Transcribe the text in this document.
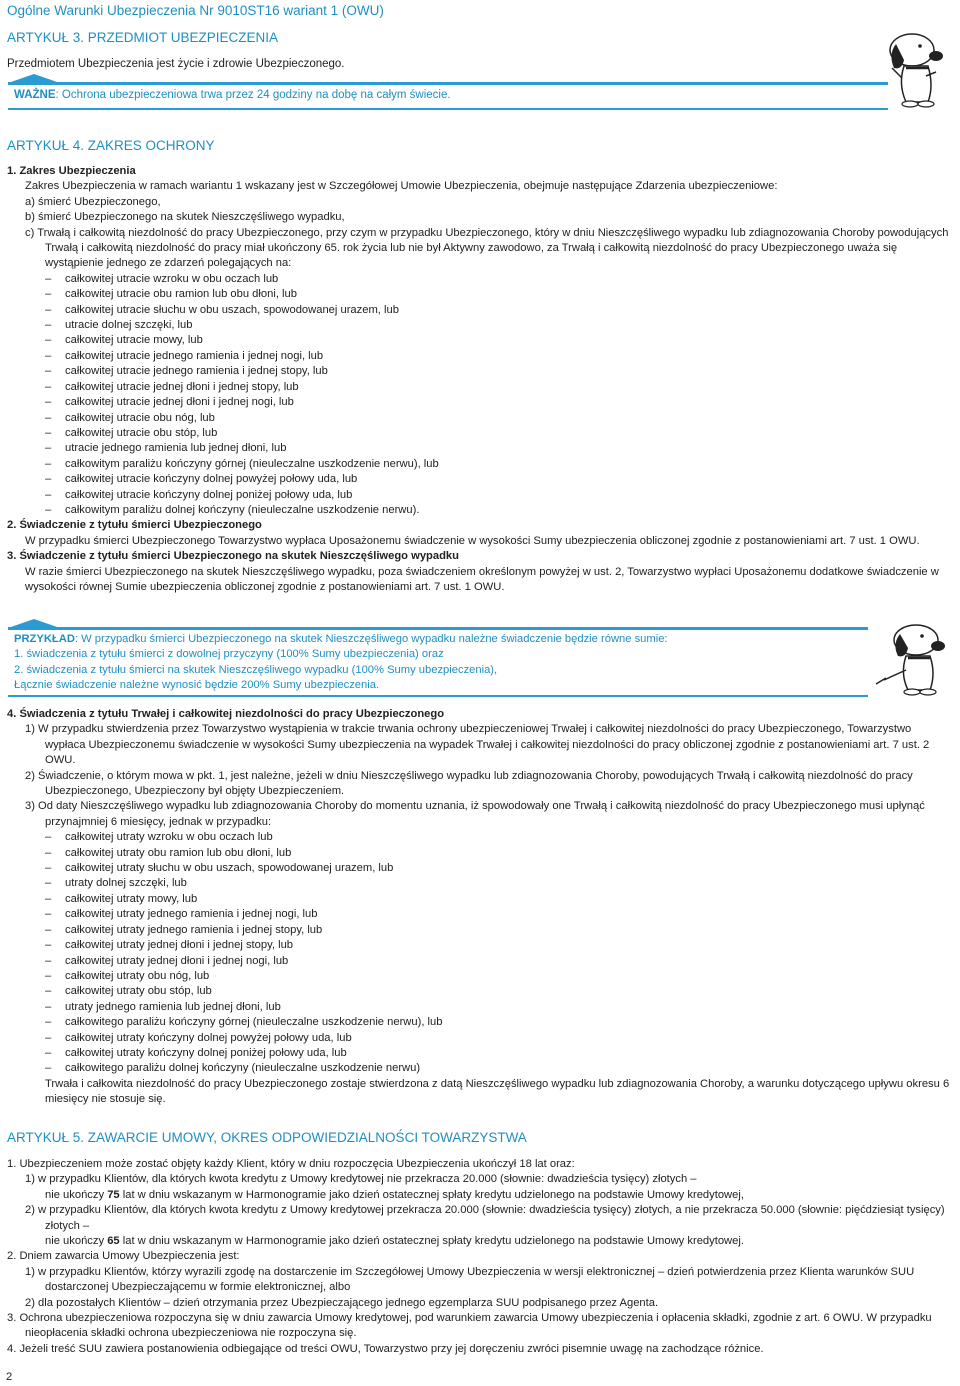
Ogólne Warunki Ubezpieczenia Nr 9010ST16 wariant 1 (OWU)
ARTYKUŁ 3. PRZEDMIOT UBEZPIECZENIA
Przedmiotem Ubezpieczenia jest życie i zdrowie Ubezpieczonego.
WAŻNE: Ochrona ubezpieczeniowa trwa przez 24 godziny na dobę na całym świecie.
ARTYKUŁ 4. ZAKRES OCHRONY

1. Zakres Ubezpieczenia

Zakres Ubezpieczenia w ramach wariantu 1 wskazany jest w Szczegółowej Umowie Ubezpieczenia, obejmuje następujące Zdarzenia ubezpieczeniowe:

a) śmierć Ubezpieczonego,

b) śmierć Ubezpieczonego na skutek Nieszczęśliwego wypadku,

c) Trwałą i całkowitą niezdolność do pracy Ubezpieczonego, przy czym w przypadku Ubezpieczonego, który w dniu Nieszczęśliwego wypadku lub zdiagnozowania Choroby powodujących Trwałą i całkowitą niezdolność do pracy miał ukończony 65. rok życia lub nie był Aktywny zawodowo, za Trwałą i całkowitą niezdolność do pracy Ubezpieczonego uważa się wystąpienie jednego ze zdarzeń polegających na:

– całkowitej utracie wzroku w obu oczach lub

– całkowitej utracie obu ramion lub obu dłoni, lub

– całkowitej utracie słuchu w obu uszach, spowodowanej urazem, lub

– utracie dolnej szczęki, lub

– całkowitej utracie mowy, lub

– całkowitej utracie jednego ramienia i jednej nogi, lub

– całkowitej utracie jednego ramienia i jednej stopy, lub

– całkowitej utracie jednej dłoni i jednej stopy, lub

– całkowitej utracie jednej dłoni i jednej nogi, lub

– całkowitej utracie obu nóg, lub

– całkowitej utracie obu stóp, lub

– utracie jednego ramienia lub jednej dłoni, lub

– całkowitym paraliżu kończyny górnej (nieuleczalne uszkodzenie nerwu), lub

– całkowitej utracie kończyny dolnej powyżej połowy uda, lub

– całkowitej utracie kończyny dolnej poniżej połowy uda, lub

– całkowitym paraliżu dolnej kończyny (nieuleczalne uszkodzenie nerwu).

2. Świadczenie z tytułu śmierci Ubezpieczonego

W przypadku śmierci Ubezpieczonego Towarzystwo wypłaca Uposażonemu świadczenie w wysokości Sumy ubezpieczenia obliczonej zgodnie z postanowieniami art. 7 ust. 1 OWU.

3. Świadczenie z tytułu śmierci Ubezpieczonego na skutek Nieszczęśliwego wypadku

W razie śmierci Ubezpieczonego na skutek Nieszczęśliwego wypadku, poza świadczeniem określonym powyżej w ust. 2, Towarzystwo wypłaci Uposażonemu dodatkowe świadczenie w wysokości równej Sumie ubezpieczenia obliczonej zgodnie z postanowieniami art. 7 ust. 1 OWU.

PRZYKŁAD: W przypadku śmierci Ubezpieczonego na skutek Nieszczęśliwego wypadku należne świadczenie będzie równe sumie:

1. świadczenia z tytułu śmierci z dowolnej przyczyny (100% Sumy ubezpieczenia) oraz

2. świadczenia z tytułu śmierci na skutek Nieszczęśliwego wypadku (100% Sumy ubezpieczenia),

Łącznie świadczenie należne wynosić będzie 200% Sumy ubezpieczenia.

4. Świadczenia z tytułu Trwałej i całkowitej niezdolności do pracy Ubezpieczonego

1) W przypadku stwierdzenia przez Towarzystwo wystąpienia w trakcie trwania ochrony ubezpieczeniowej Trwałej i całkowitej niezdolności do pracy Ubezpieczonego, Towarzystwo wypłaca Ubezpieczonemu świadczenie w wysokości Sumy ubezpieczenia na wypadek Trwałej i całkowitej niezdolności do pracy obliczonej zgodnie z postanowieniami art. 7 ust. 2 OWU.

2) Świadczenie, o którym mowa w pkt. 1, jest należne, jeżeli w dniu Nieszczęśliwego wypadku lub zdiagnozowania Choroby, powodujących Trwałą i całkowitą niezdolność do pracy Ubezpieczonego, Ubezpieczony był objęty Ubezpieczeniem.

3) Od daty Nieszczęśliwego wypadku lub zdiagnozowania Choroby do momentu uznania, iż spowodowały one Trwałą i całkowitą niezdolność do pracy Ubezpieczonego musi upłynąć przynajmniej 6 miesięcy, jednak w przypadku:

– całkowitej utraty wzroku w obu oczach lub

– całkowitej utraty obu ramion lub obu dłoni, lub

– całkowitej utraty słuchu w obu uszach, spowodowanej urazem, lub

– utraty dolnej szczęki, lub

– całkowitej utraty mowy, lub

– całkowitej utraty jednego ramienia i jednej nogi, lub

– całkowitej utraty jednego ramienia i jednej stopy, lub

– całkowitej utraty jednej dłoni i jednej stopy, lub

– całkowitej utraty jednej dłoni i jednej nogi, lub

– całkowitej utraty obu nóg, lub

– całkowitej utraty obu stóp, lub

– utraty jednego ramienia lub jednej dłoni, lub

– całkowitego paraliżu kończyny górnej (nieuleczalne uszkodzenie nerwu), lub

– całkowitej utraty kończyny dolnej powyżej połowy uda, lub

– całkowitej utraty kończyny dolnej poniżej połowy uda, lub

– całkowitego paraliżu dolnej kończyny (nieuleczalne uszkodzenie nerwu)

Trwała i całkowita niezdolność do pracy Ubezpieczonego zostaje stwierdzona z datą Nieszczęśliwego wypadku lub zdiagnozowania Choroby, a warunku dotyczącego upływu okresu 6 miesięcy nie stosuje się.

ARTYKUŁ 5. ZAWARCIE UMOWY, OKRES ODPOWIEDZIALNOŚCI TOWARZYSTWA

1. Ubezpieczeniem może zostać objęty każdy Klient, który w dniu rozpoczęcia Ubezpieczenia ukończył 18 lat oraz:

1) w przypadku Klientów, dla których kwota kredytu z Umowy kredytowej nie przekracza 20.000 (słownie: dwadzieścia tysięcy) złotych –

nie ukończy 75 lat w dniu wskazanym w Harmonogramie jako dzień ostatecznej spłaty kredytu udzielonego na podstawie Umowy kredytowej,

2) w przypadku Klientów, dla których kwota kredytu z Umowy kredytowej przekracza 20.000 (słownie: dwadzieścia tysięcy) złotych, a nie przekracza 50.000 (słownie: pięćdziesiąt tysięcy) złotych –

nie ukończy 65 lat w dniu wskazanym w Harmonogramie jako dzień ostatecznej spłaty kredytu udzielonego na podstawie Umowy kredytowej.

2. Dniem zawarcia Umowy Ubezpieczenia jest:

1) w przypadku Klientów, którzy wyrazili zgodę na dostarczenie im Szczegółowej Umowy Ubezpieczenia w wersji elektronicznej – dzień potwierdzenia przez Klienta warunków SUU dostarczonej Ubezpieczającemu w formie elektronicznej, albo

2) dla pozostałych Klientów – dzień otrzymania przez Ubezpieczającego jednego egzemplarza SUU podpisanego przez Agenta.

3. Ochrona ubezpieczeniowa rozpoczyna się w dniu zawarcia Umowy kredytowej, pod warunkiem zawarcia Umowy ubezpieczenia i opłacenia składki, zgodnie z art. 6 OWU. W przypadku nieopłacenia składki ochrona ubezpieczeniowa nie rozpoczyna się.

4. Jeżeli treść SUU zawiera postanowienia odbiegające od treści OWU, Towarzystwo przy jej doręczeniu zwróci pisemnie uwagę na zachodzące różnice.

2
